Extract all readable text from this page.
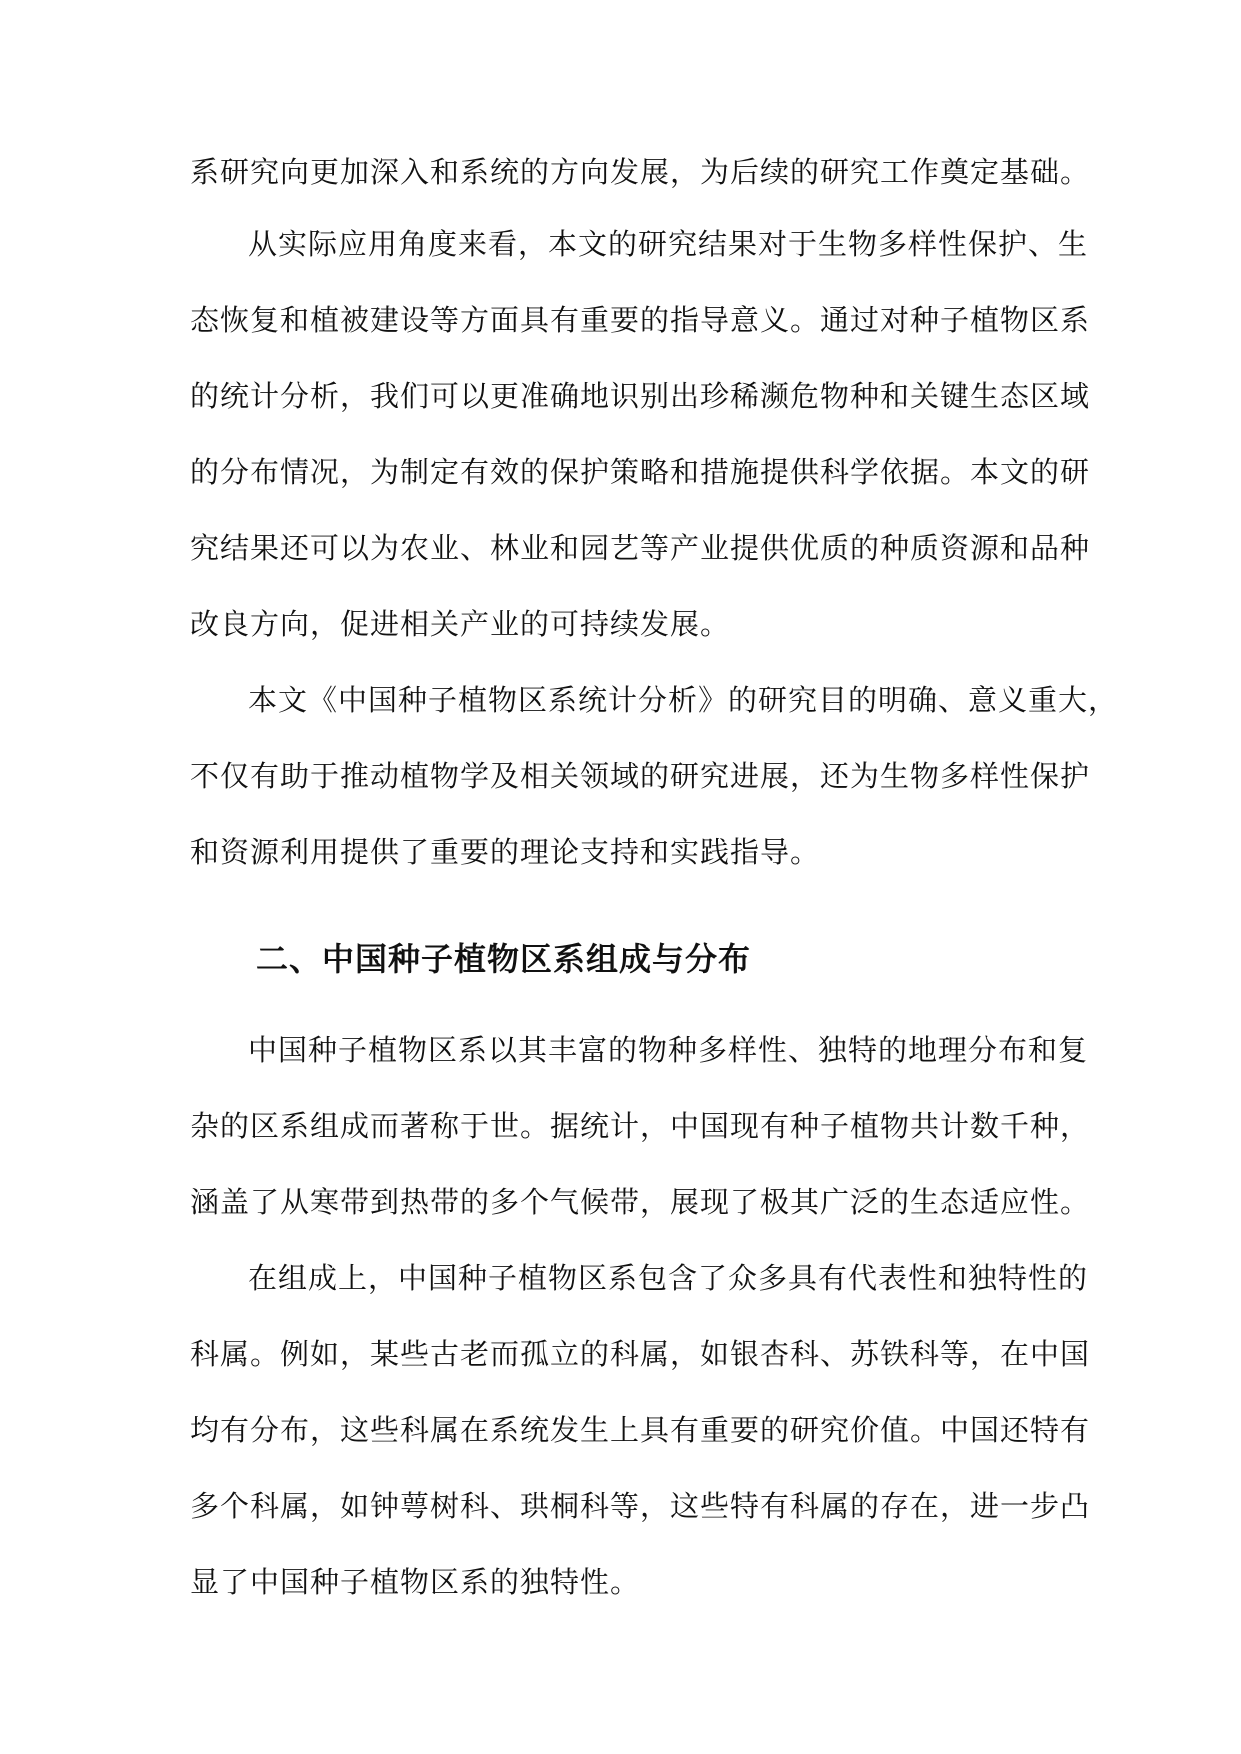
系研究向更加深入和系统的方向发展，为后续的研究工作奠定基础。
从实际应用角度来看，本文的研究结果对于生物多样性保护、生
态恢复和植被建设等方面具有重要的指导意义。通过对种子植物区系
的统计分析，我们可以更准确地识别出珍稀濒危物种和关键生态区域
的分布情况，为制定有效的保护策略和措施提供科学依据。本文的研
究结果还可以为农业、林业和园艺等产业提供优质的种质资源和品种
改良方向，促进相关产业的可持续发展。
本文《中国种子植物区系统计分析》的研究目的明确、意义重大，
不仅有助于推动植物学及相关领域的研究进展，还为生物多样性保护
和资源利用提供了重要的理论支持和实践指导。
二、中国种子植物区系组成与分布
中国种子植物区系以其丰富的物种多样性、独特的地理分布和复
杂的区系组成而著称于世。据统计，中国现有种子植物共计数千种，
涵盖了从寒带到热带的多个气候带，展现了极其广泛的生态适应性。
在组成上，中国种子植物区系包含了众多具有代表性和独特性的
科属。例如，某些古老而孤立的科属，如银杏科、苏铁科等，在中国
均有分布，这些科属在系统发生上具有重要的研究价值。中国还特有
多个科属，如钟萼树科、珙桐科等，这些特有科属的存在，进一步凸
显了中国种子植物区系的独特性。
